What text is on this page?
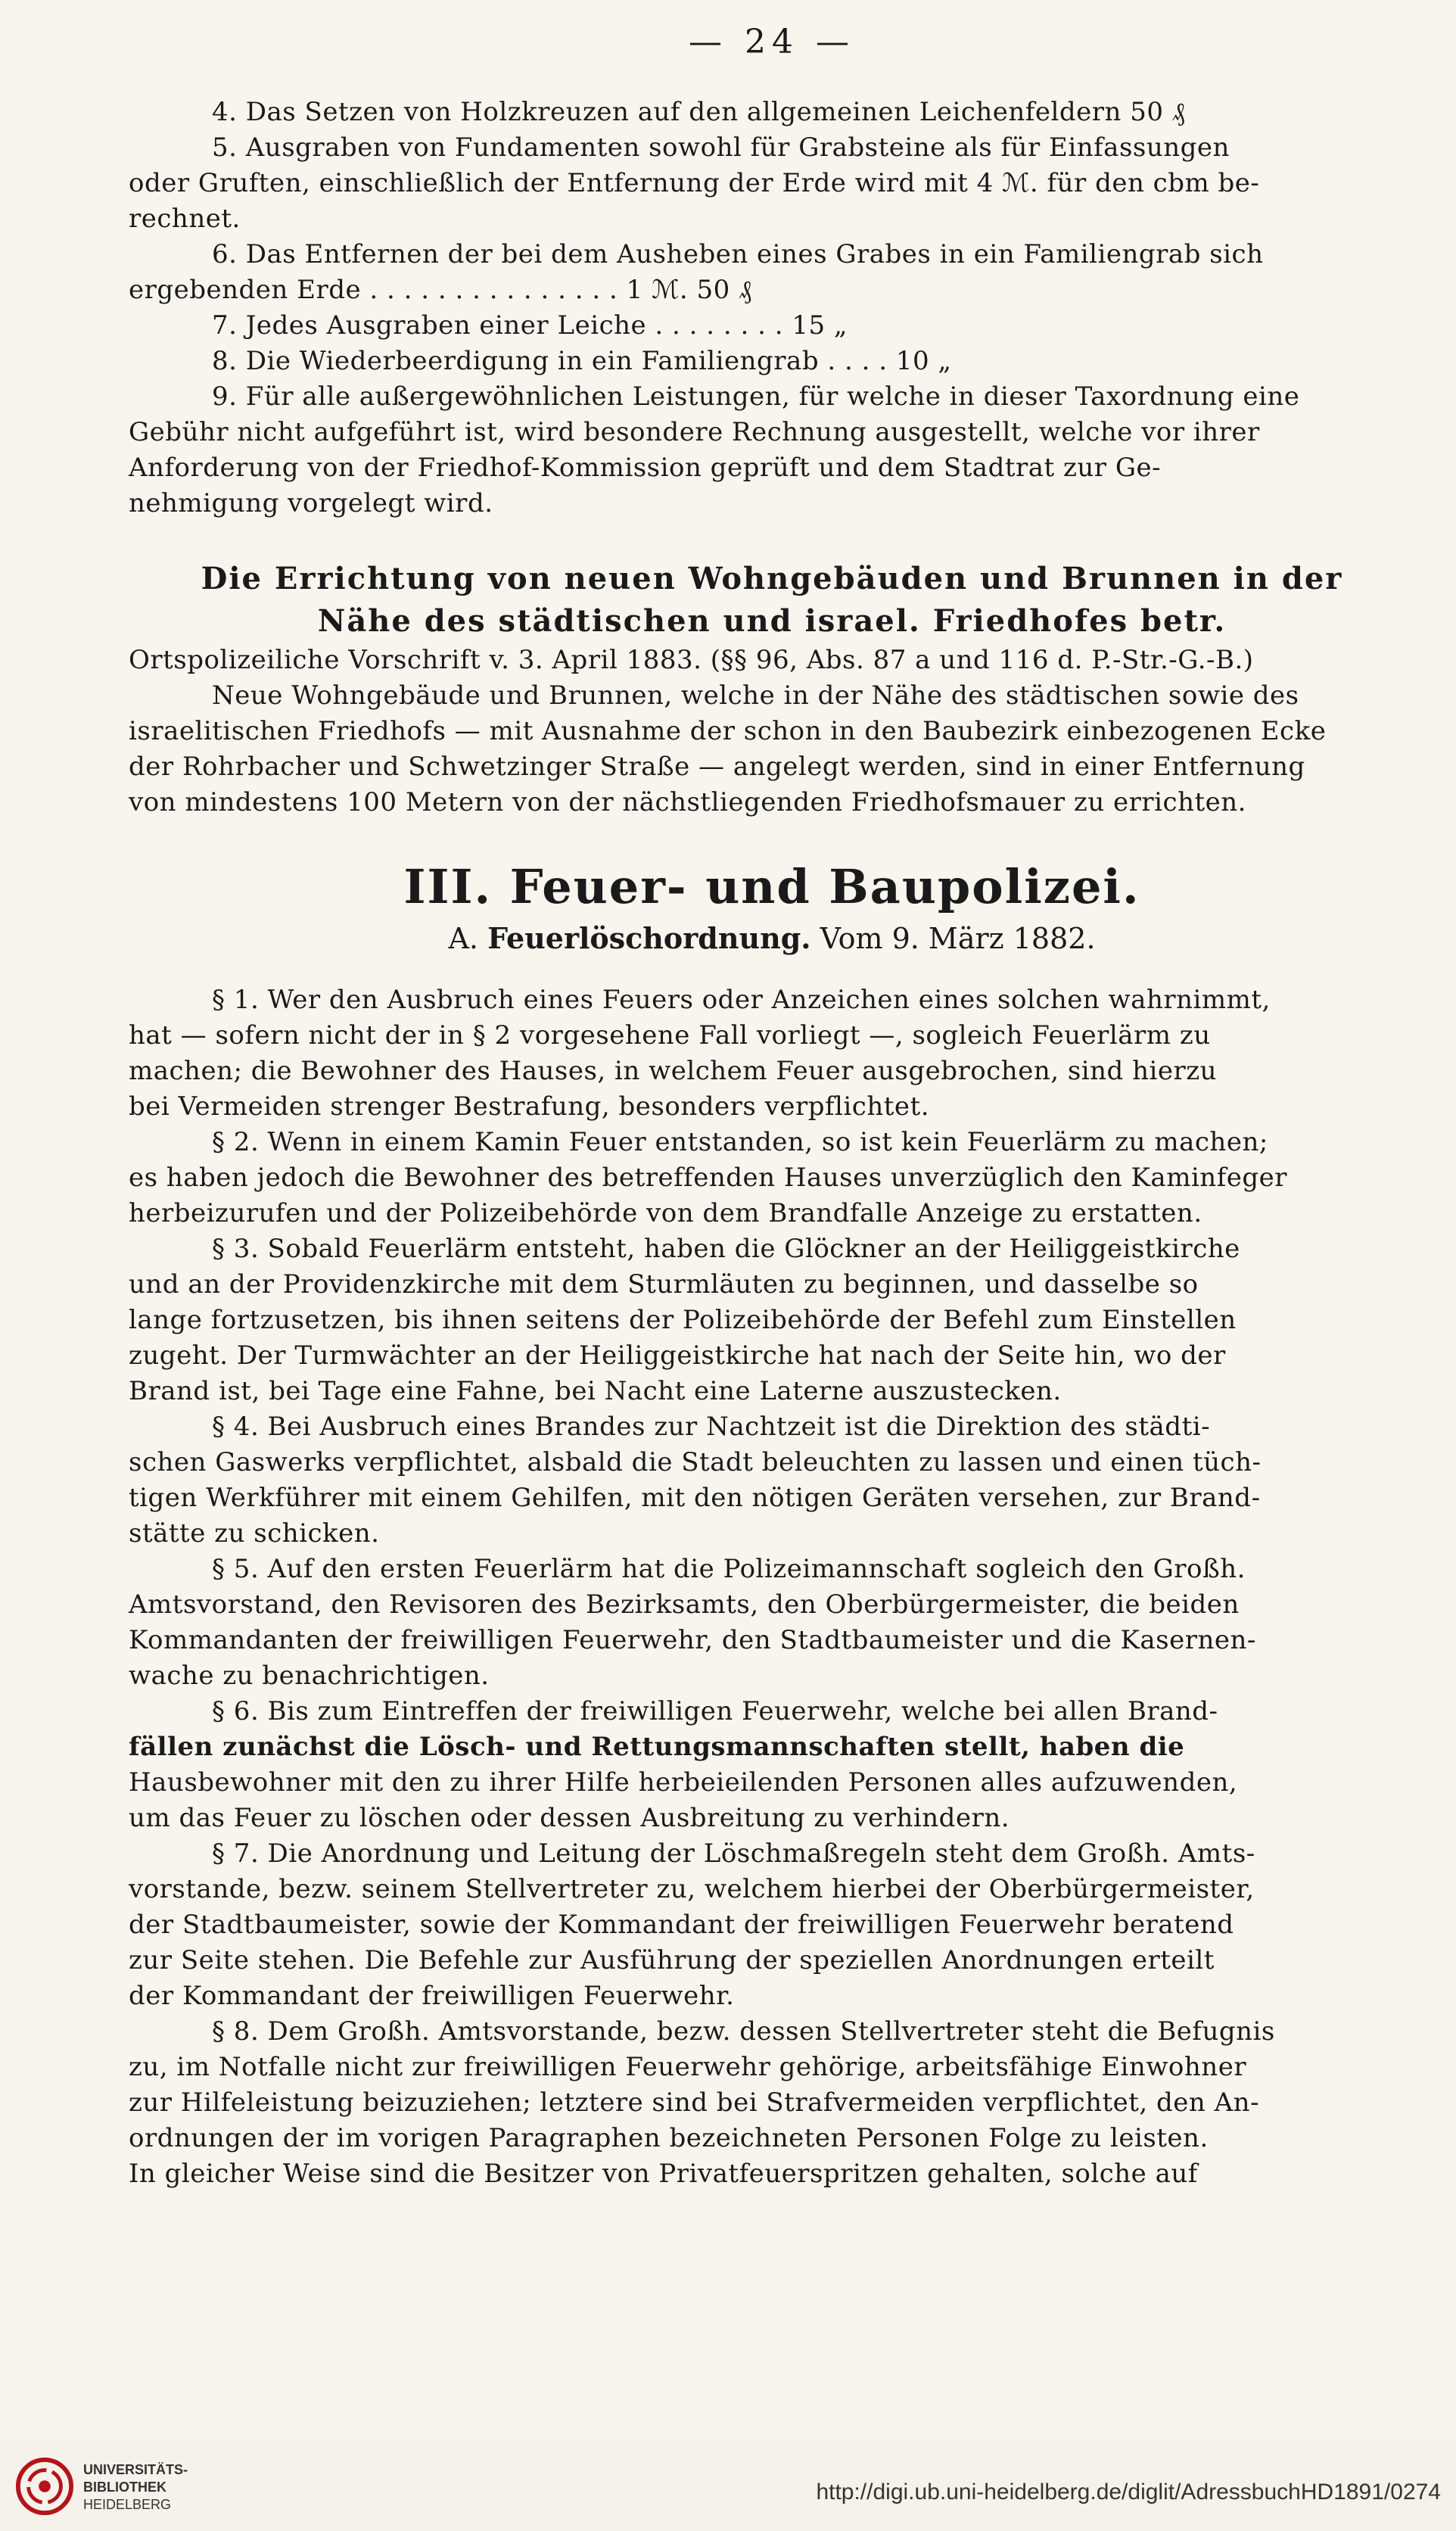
— 24 —
4. Das Setzen von Holzkreuzen auf den allgemeinen Leichenfeldern 50 ₰
5. Ausgraben von Fundamenten sowohl für Grabsteine als für Einfassungen
oder Gruften, einschließlich der Entfernung der Erde wird mit 4 ℳ. für den cbm be-
rechnet.
6. Das Entfernen der bei dem Ausheben eines Grabes in ein Familiengrab sich
ergebenden Erde . . . . . . . . . . . . . . . 1 ℳ. 50 ₰
7. Jedes Ausgraben einer Leiche . . . . . . . . 15 „
8. Die Wiederbeerdigung in ein Familiengrab . . . . 10 „
9. Für alle außergewöhnlichen Leistungen, für welche in dieser Taxordnung eine
Gebühr nicht aufgeführt ist, wird besondere Rechnung ausgestellt, welche vor ihrer
Anforderung von der Friedhof-Kommission geprüft und dem Stadtrat zur Ge-
nehmigung vorgelegt wird.
Die Errichtung von neuen Wohngebäuden und Brunnen in der
Nähe des städtischen und israel. Friedhofes betr.
Ortspolizeiliche Vorschrift v. 3. April 1883. (§§ 96, Abs. 87 a und 116 d. P.-Str.-G.-B.)
Neue Wohngebäude und Brunnen, welche in der Nähe des städtischen sowie des
israelitischen Friedhofs — mit Ausnahme der schon in den Baubezirk einbezogenen Ecke
der Rohrbacher und Schwetzinger Straße — angelegt werden, sind in einer Entfernung
von mindestens 100 Metern von der nächstliegenden Friedhofsmauer zu errichten.
III. Feuer- und Baupolizei.
A. Feuerlöschordnung. Vom 9. März 1882.
§ 1. Wer den Ausbruch eines Feuers oder Anzeichen eines solchen wahrnimmt,
hat — sofern nicht der in § 2 vorgesehene Fall vorliegt —, sogleich Feuerlärm zu
machen; die Bewohner des Hauses, in welchem Feuer ausgebrochen, sind hierzu
bei Vermeiden strenger Bestrafung, besonders verpflichtet.
§ 2. Wenn in einem Kamin Feuer entstanden, so ist kein Feuerlärm zu machen;
es haben jedoch die Bewohner des betreffenden Hauses unverzüglich den Kaminfeger
herbeizurufen und der Polizeibehörde von dem Brandfalle Anzeige zu erstatten.
§ 3. Sobald Feuerlärm entsteht, haben die Glöckner an der Heiliggeistkirche
und an der Providenzkirche mit dem Sturmläuten zu beginnen, und dasselbe so
lange fortzusetzen, bis ihnen seitens der Polizeibehörde der Befehl zum Einstellen
zugeht. Der Turmwächter an der Heiliggeistkirche hat nach der Seite hin, wo der
Brand ist, bei Tage eine Fahne, bei Nacht eine Laterne auszustecken.
§ 4. Bei Ausbruch eines Brandes zur Nachtzeit ist die Direktion des städti-
schen Gaswerks verpflichtet, alsbald die Stadt beleuchten zu lassen und einen tüch-
tigen Werkführer mit einem Gehilfen, mit den nötigen Geräten versehen, zur Brand-
stätte zu schicken.
§ 5. Auf den ersten Feuerlärm hat die Polizeimannschaft sogleich den Großh.
Amtsvorstand, den Revisoren des Bezirksamts, den Oberbürgermeister, die beiden
Kommandanten der freiwilligen Feuerwehr, den Stadtbaumeister und die Kasernen-
wache zu benachrichtigen.
§ 6. Bis zum Eintreffen der freiwilligen Feuerwehr, welche bei allen Brand-
fällen zunächst die Lösch- und Rettungsmannschaften stellt, haben die
Hausbewohner mit den zu ihrer Hilfe herbeieilenden Personen alles aufzuwenden,
um das Feuer zu löschen oder dessen Ausbreitung zu verhindern.
§ 7. Die Anordnung und Leitung der Löschmaßregeln steht dem Großh. Amts-
vorstande, bezw. seinem Stellvertreter zu, welchem hierbei der Oberbürgermeister,
der Stadtbaumeister, sowie der Kommandant der freiwilligen Feuerwehr beratend
zur Seite stehen. Die Befehle zur Ausführung der speziellen Anordnungen erteilt
der Kommandant der freiwilligen Feuerwehr.
§ 8. Dem Großh. Amtsvorstande, bezw. dessen Stellvertreter steht die Befugnis
zu, im Notfalle nicht zur freiwilligen Feuerwehr gehörige, arbeitsfähige Einwohner
zur Hilfeleistung beizuziehen; letztere sind bei Strafvermeiden verpflichtet, den An-
ordnungen der im vorigen Paragraphen bezeichneten Personen Folge zu leisten.
In gleicher Weise sind die Besitzer von Privatfeuerspritzen gehalten, solche auf
UNIVERSITÄTS-
BIBLIOTHEK
HEIDELBERG	http://digi.ub.uni-heidelberg.de/diglit/AdressbuchHD1891/0274
